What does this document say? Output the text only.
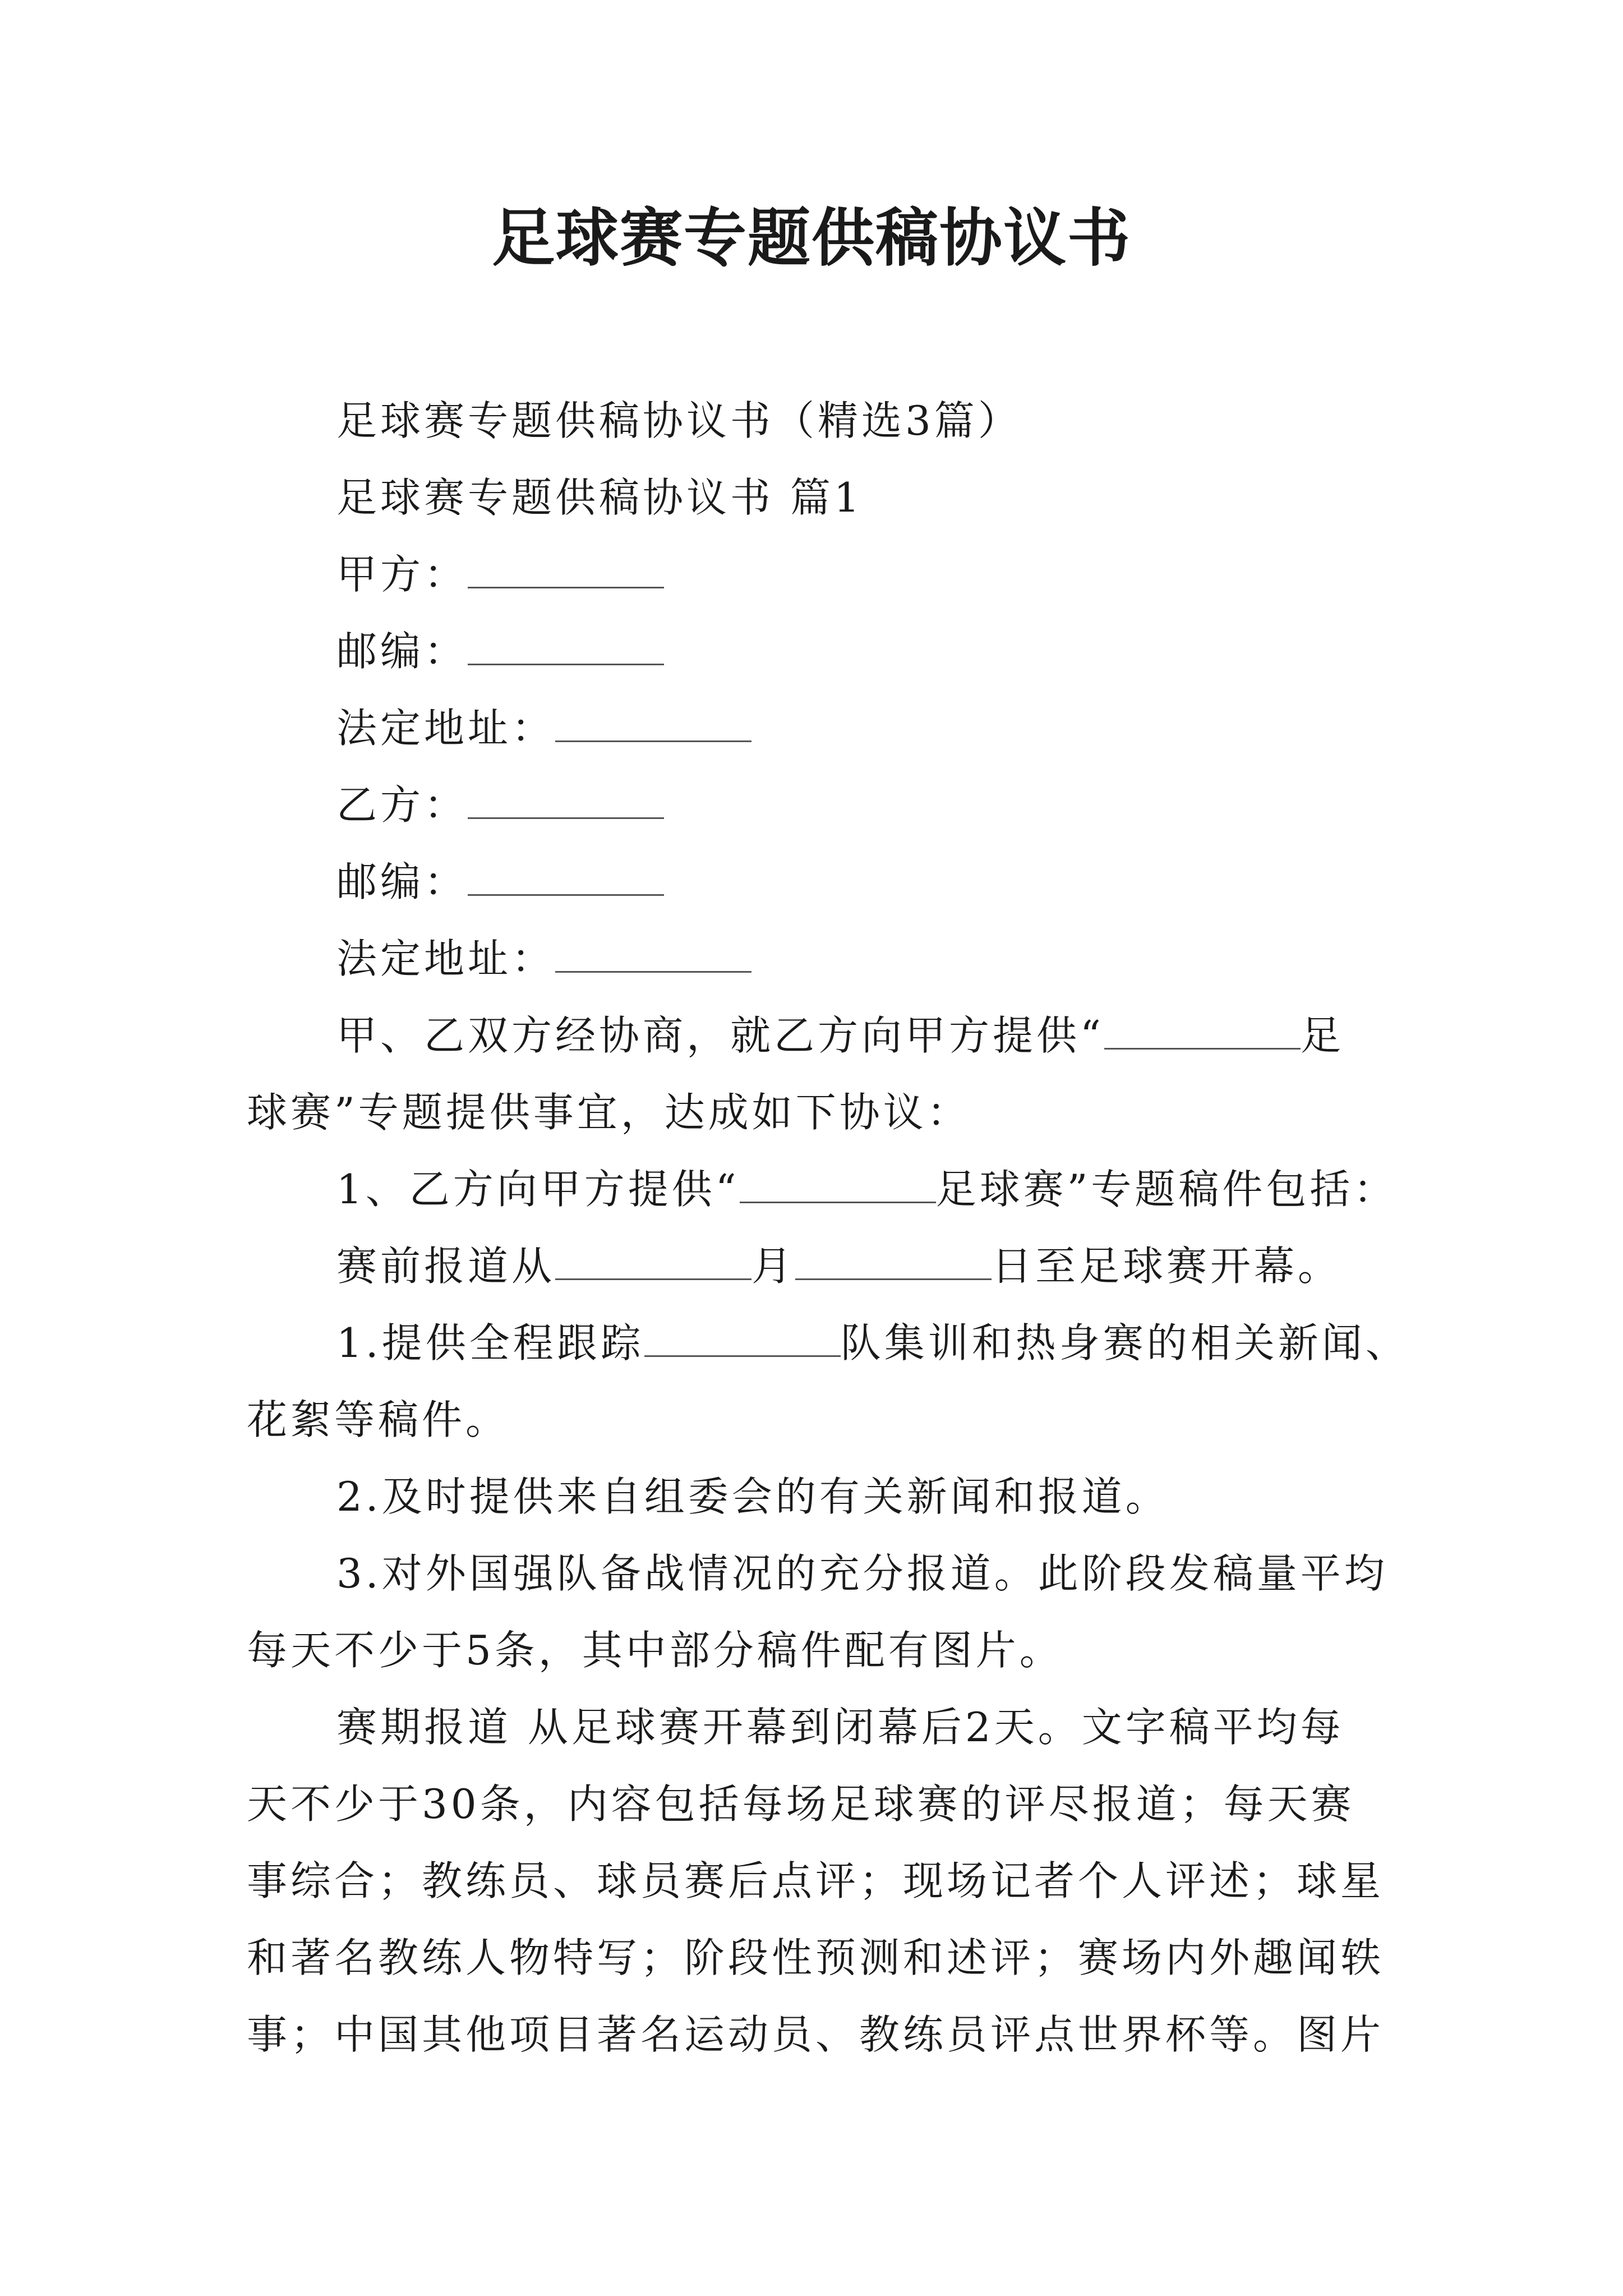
足球赛专题供稿协议书

足球赛专题供稿协议书（精选3篇）

足球赛专题供稿协议书 篇1

甲方：

邮编：

法定地址：

乙方：

邮编：

法定地址：

甲、乙双方经协商，就乙方向甲方提供“	足

球赛”专题提供事宜，达成如下协议：

1、乙方向甲方提供“	足球赛”专题稿件包括：

赛前报道从	月	日至足球赛开幕。

1.提供全程跟踪	队集训和热身赛的相关新闻、

花絮等稿件。

2.及时提供来自组委会的有关新闻和报道。

3.对外国强队备战情况的充分报道。此阶段发稿量平均

每天不少于5条，其中部分稿件配有图片。

赛期报道 从足球赛开幕到闭幕后2天。文字稿平均每

天不少于30条，内容包括每场足球赛的评尽报道；每天赛

事综合；教练员、球员赛后点评；现场记者个人评述；球星

和著名教练人物特写；阶段性预测和述评；赛场内外趣闻轶

事；中国其他项目著名运动员、教练员评点世界杯等。图片
